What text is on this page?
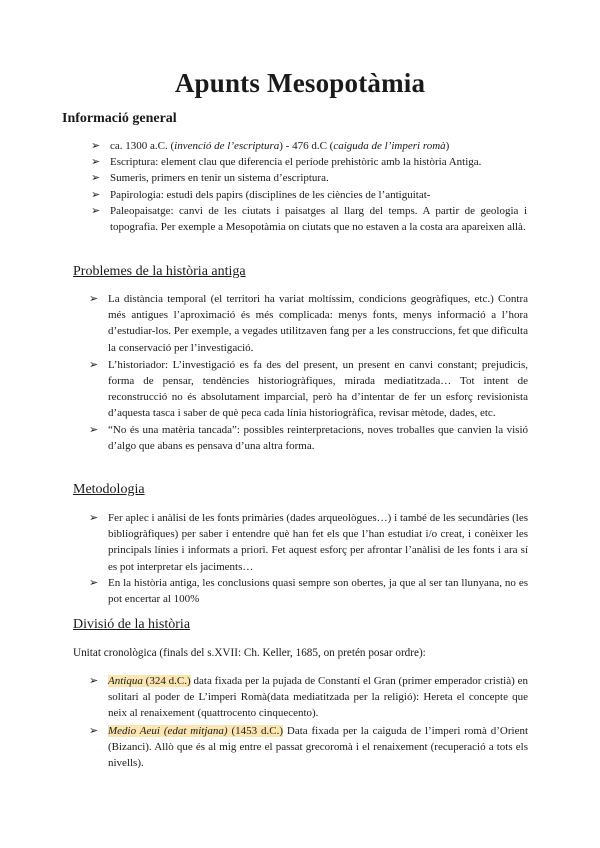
Apunts Mesopotàmia
Informació general
➢ ca. 1300 a.C. (invenció de l’escriptura) - 476 d.C (caiguda de l’imperi romà)
➢ Escriptura: element clau que diferencia el període prehistòric amb la història Antiga.
➢ Sumeris, primers en tenir un sistema d’escriptura.
➢ Papirologia: estudi dels papirs (disciplines de les ciències de l’antiguitat-
➢ Paleopaisatge: canvi de les ciutats i paisatges al llarg del temps. A partir de geologia i topografia. Per exemple a Mesopotàmia on ciutats que no estaven a la costa ara apareixen allà.
Problemes de la història antiga
➢ La distància temporal (el territori ha variat moltíssim, condicions geogràfiques, etc.) Contra més antigues l’aproximació és més complicada: menys fonts, menys informació a l’hora d’estudiar-los. Per exemple, a vegades utilitzaven fang per a les construccions, fet que dificulta la conservació per l’investigació.
➢ L’historiador: L’investigació es fa des del present, un present en canvi constant; prejudicis, forma de pensar, tendències historiogràfiques, mirada mediatitzada… Tot intent de reconstrucció no és absolutament imparcial, però ha d’intentar de fer un esforç revisionista d’aquesta tasca i saber de què peca cada línia historiogràfica, revisar mètode, dades, etc.
➢ “No és una matèria tancada”: possibles reinterpretacions, noves troballes que canvien la visió d’algo que abans es pensava d’una altra forma.
Metodologia
➢ Fer aplec i anàlisi de les fonts primàries (dades arqueològues…) i també de les secundàries (les bibliogràfiques) per saber i entendre què han fet els que l’han estudiat i/o creat, i conèixer les principals línies i informats a priori. Fet aquest esforç per afrontar l’anàlisi de les fonts i ara sí es pot interpretar els jaciments…
➢ En la història antiga, les conclusions quasi sempre son obertes, ja que al ser tan llunyana, no es pot encertar al 100%
Divisió de la història
Unitat cronològica (finals del s.XVII: Ch. Keller, 1685, on pretén posar ordre):
➢ Antiqua (324 d.C.) data fixada per la pujada de Constantí el Gran (primer emperador cristià) en solitari al poder de L’imperi Romà(data mediatitzada per la religió): Hereta el concepte que neix al renaixement (quattrocento cinquecento).
➢ Medio Aeui (edat mitjana) (1453 d.C.) Data fixada per la caiguda de l’imperi romà d’Orient (Bizanci). Allò que és al mig entre el passat grecoromà i el renaixement (recuperació a tots els nivells).
